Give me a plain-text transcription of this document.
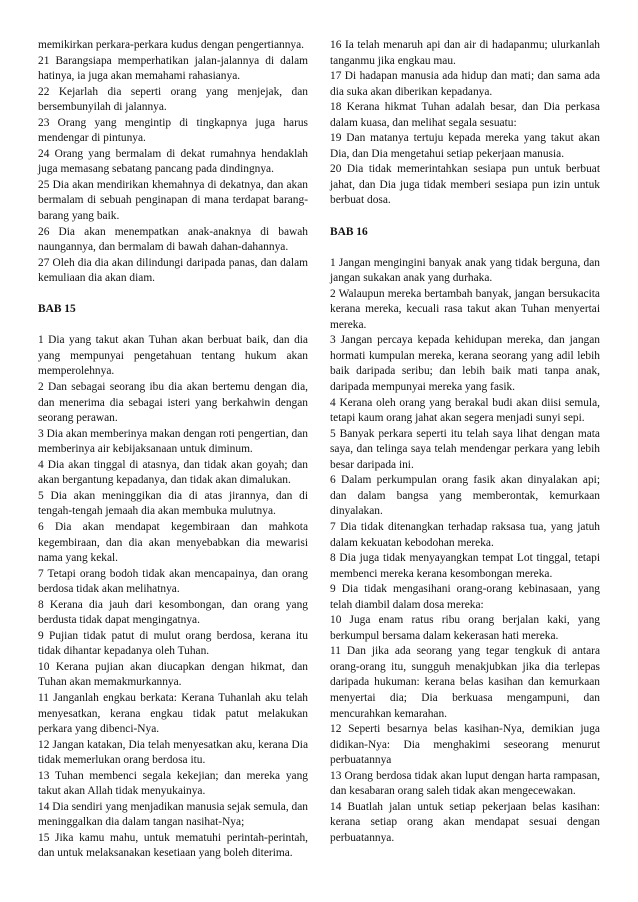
memikirkan perkara-perkara kudus dengan pengertiannya.

21 Barangsiapa memperhatikan jalan-jalannya di dalam hatinya, ia juga akan memahami rahasianya.

22 Kejarlah dia seperti orang yang menjejak, dan bersembunyilah di jalannya.

23 Orang yang mengintip di tingkapnya juga harus mendengar di pintunya.

24 Orang yang bermalam di dekat rumahnya hendaklah juga memasang sebatang pancang pada dindingnya.

25 Dia akan mendirikan khemahnya di dekatnya, dan akan bermalam di sebuah penginapan di mana terdapat barang-barang yang baik.

26 Dia akan menempatkan anak-anaknya di bawah naungannya, dan bermalam di bawah dahan-dahannya.

27 Oleh dia dia akan dilindungi daripada panas, dan dalam kemuliaan dia akan diam.

BAB 15

1 Dia yang takut akan Tuhan akan berbuat baik, dan dia yang mempunyai pengetahuan tentang hukum akan memperolehnya.

2 Dan sebagai seorang ibu dia akan bertemu dengan dia, dan menerima dia sebagai isteri yang berkahwin dengan seorang perawan.

3 Dia akan memberinya makan dengan roti pengertian, dan memberinya air kebijaksanaan untuk diminum.

4 Dia akan tinggal di atasnya, dan tidak akan goyah; dan akan bergantung kepadanya, dan tidak akan dimalukan.

5 Dia akan meninggikan dia di atas jirannya, dan di tengah-tengah jemaah dia akan membuka mulutnya.

6 Dia akan mendapat kegembiraan dan mahkota kegembiraan, dan dia akan menyebabkan dia mewarisi nama yang kekal.

7 Tetapi orang bodoh tidak akan mencapainya, dan orang berdosa tidak akan melihatnya.

8 Kerana dia jauh dari kesombongan, dan orang yang berdusta tidak dapat mengingatnya.

9 Pujian tidak patut di mulut orang berdosa, kerana itu tidak dihantar kepadanya oleh Tuhan.

10 Kerana pujian akan diucapkan dengan hikmat, dan Tuhan akan memakmurkannya.

11 Janganlah engkau berkata: Kerana Tuhanlah aku telah menyesatkan, kerana engkau tidak patut melakukan perkara yang dibenci-Nya.

12 Jangan katakan, Dia telah menyesatkan aku, kerana Dia tidak memerlukan orang berdosa itu.

13 Tuhan membenci segala kekejian; dan mereka yang takut akan Allah tidak menyukainya.

14 Dia sendiri yang menjadikan manusia sejak semula, dan meninggalkan dia dalam tangan nasihat-Nya;

15 Jika kamu mahu, untuk mematuhi perintah-perintah, dan untuk melaksanakan kesetiaan yang boleh diterima.

16 Ia telah menaruh api dan air di hadapanmu; ulurkanlah tanganmu jika engkau mau.

17 Di hadapan manusia ada hidup dan mati; dan sama ada dia suka akan diberikan kepadanya.

18 Kerana hikmat Tuhan adalah besar, dan Dia perkasa dalam kuasa, dan melihat segala sesuatu:

19 Dan matanya tertuju kepada mereka yang takut akan Dia, dan Dia mengetahui setiap pekerjaan manusia.

20 Dia tidak memerintahkan sesiapa pun untuk berbuat jahat, dan Dia juga tidak memberi sesiapa pun izin untuk berbuat dosa.

BAB 16

1 Jangan mengingini banyak anak yang tidak berguna, dan jangan sukakan anak yang durhaka.

2 Walaupun mereka bertambah banyak, jangan bersukacita kerana mereka, kecuali rasa takut akan Tuhan menyertai mereka.

3 Jangan percaya kepada kehidupan mereka, dan jangan hormati kumpulan mereka, kerana seorang yang adil lebih baik daripada seribu; dan lebih baik mati tanpa anak, daripada mempunyai mereka yang fasik.

4 Kerana oleh orang yang berakal budi akan diisi semula, tetapi kaum orang jahat akan segera menjadi sunyi sepi.

5 Banyak perkara seperti itu telah saya lihat dengan mata saya, dan telinga saya telah mendengar perkara yang lebih besar daripada ini.

6 Dalam perkumpulan orang fasik akan dinyalakan api; dan dalam bangsa yang memberontak, kemurkaan dinyalakan.

7 Dia tidak ditenangkan terhadap raksasa tua, yang jatuh dalam kekuatan kebodohan mereka.

8 Dia juga tidak menyayangkan tempat Lot tinggal, tetapi membenci mereka kerana kesombongan mereka.

9 Dia tidak mengasihani orang-orang kebinasaan, yang telah diambil dalam dosa mereka:

10 Juga enam ratus ribu orang berjalan kaki, yang berkumpul bersama dalam kekerasan hati mereka.

11 Dan jika ada seorang yang tegar tengkuk di antara orang-orang itu, sungguh menakjubkan jika dia terlepas daripada hukuman: kerana belas kasihan dan kemurkaan menyertai dia; Dia berkuasa mengampuni, dan mencurahkan kemarahan.

12 Seperti besarnya belas kasihan-Nya, demikian juga didikan-Nya: Dia menghakimi seseorang menurut perbuatannya

13 Orang berdosa tidak akan luput dengan harta rampasan, dan kesabaran orang saleh tidak akan mengecewakan.

14 Buatlah jalan untuk setiap pekerjaan belas kasihan: kerana setiap orang akan mendapat sesuai dengan perbuatannya.
